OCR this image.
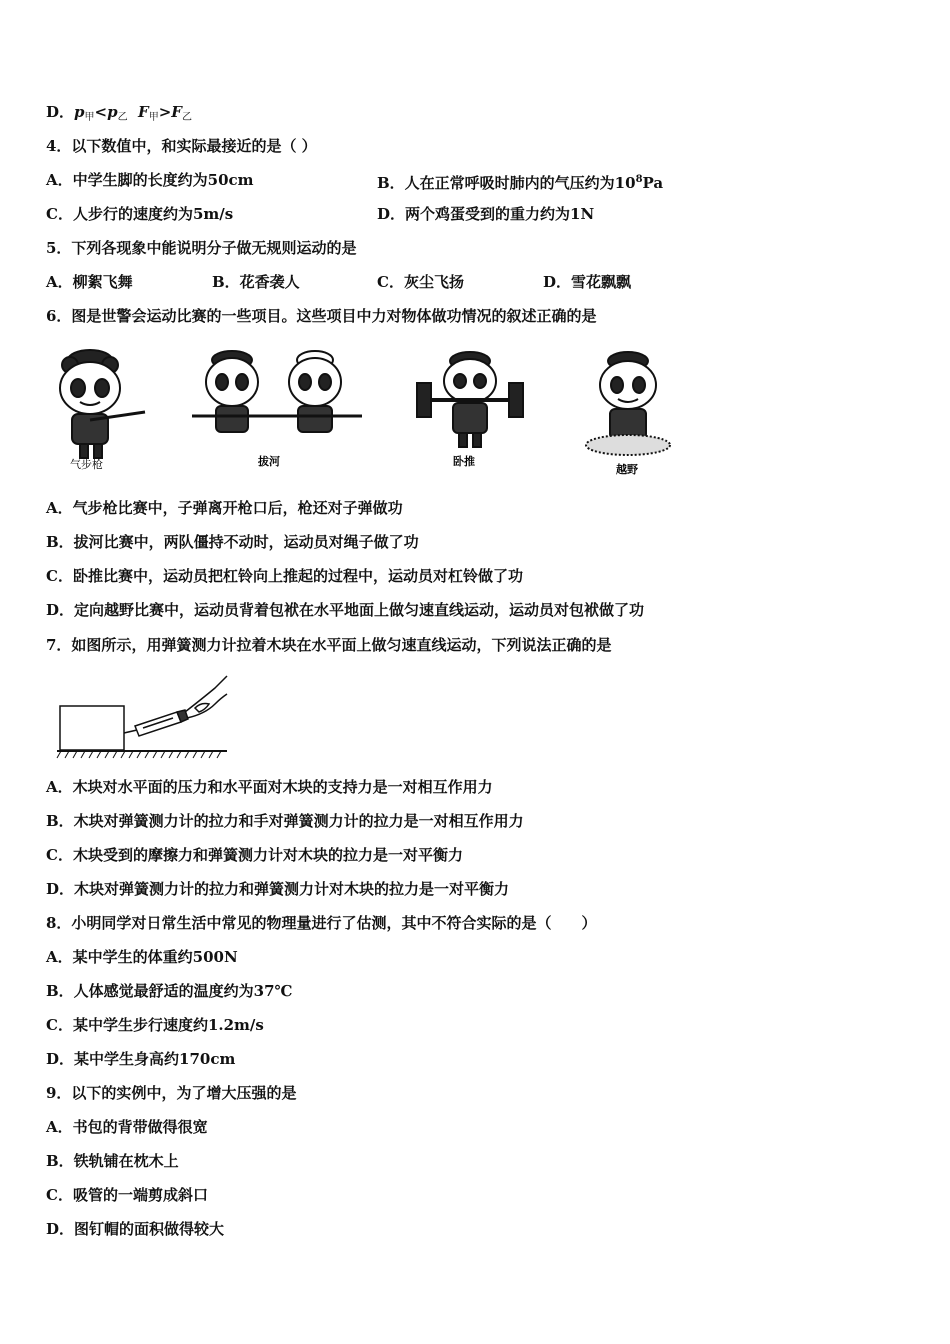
D．$p_甲<p_乙$ $F_甲>F_乙$
4．以下数值中，和实际最接近的是（ ）
A．中学生脚的长度约为50cm	B．人在正常呼吸时肺内的气压约为$10^8Pa$
C．人步行的速度约为5m/s	D．两个鸡蛋受到的重力约为1N
5．下列各现象中能说明分子做无规则运动的是
A．柳絮飞舞	B．花香袭人	C．灰尘飞扬	D．雪花飘飘
6．图是世警会运动比赛的一些项目。这些项目中力对物体做功情况的叙述正确的是
气步枪	拔河	卧推
越野
A．气步枪比赛中，子弹离开枪口后，枪还对子弹做功
B．拔河比赛中，两队僵持不动时，运动员对绳子做了功
C．卧推比赛中，运动员把杠铃向上推起的过程中，运动员对杠铃做了功
D．定向越野比赛中，运动员背着包袱在水平地面上做匀速直线运动，运动员对包袱做了功
7．如图所示，用弹簧测力计拉着木块在水平面上做匀速直线运动，下列说法正确的是
A．木块对水平面的压力和水平面对木块的支持力是一对相互作用力
B．木块对弹簧测力计的拉力和手对弹簧测力计的拉力是一对相互作用力
C．木块受到的摩擦力和弹簧测力计对木块的拉力是一对平衡力
D．木块对弹簧测力计的拉力和弹簧测力计对木块的拉力是一对平衡力
8．小明同学对日常生活中常见的物理量进行了估测，其中不符合实际的是（　　）
A．某中学生的体重约500N
B．人体感觉最舒适的温度约为37℃
C．某中学生步行速度约1.2m/s
D．某中学生身高约170cm
9．以下的实例中，为了增大压强的是
A．书包的背带做得很宽
B．铁轨铺在枕木上
C．吸管的一端剪成斜口
D．图钉帽的面积做得较大
